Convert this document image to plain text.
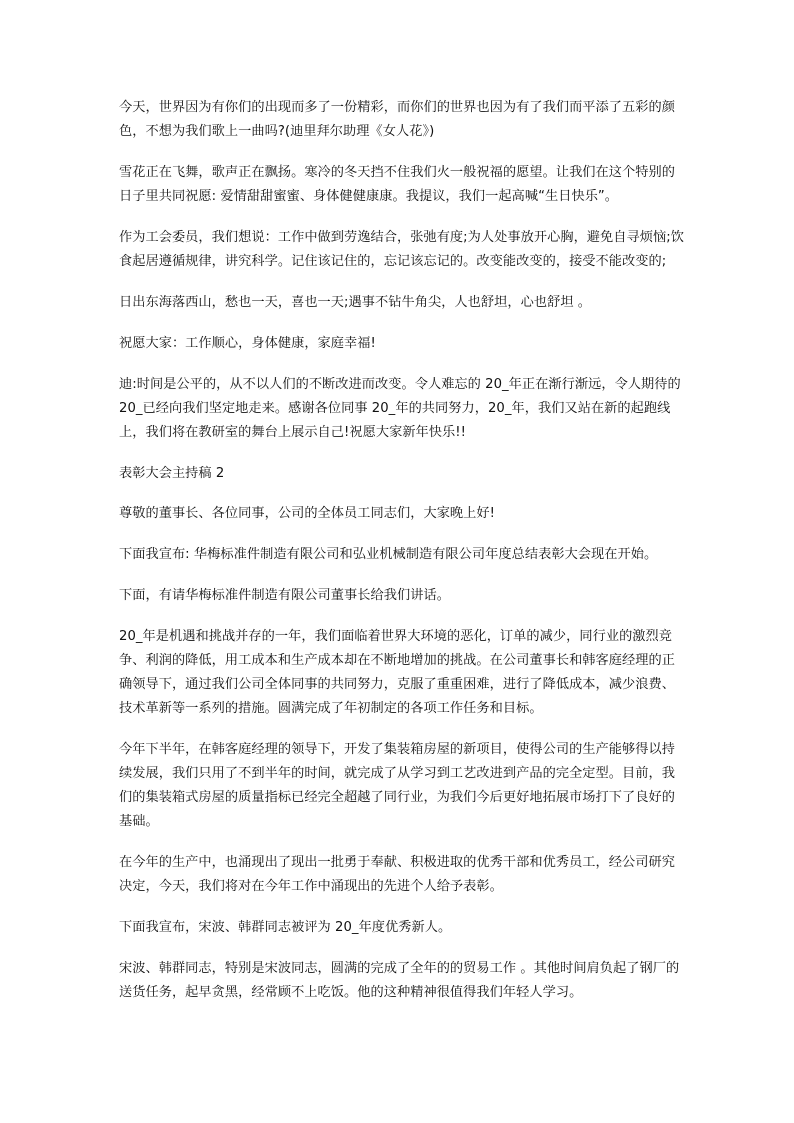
今天，世界因为有你们的出现而多了一份精彩，而你们的世界也因为有了我们而平添了五彩的颜色，不想为我们歌上一曲吗?(迪里拜尔助理《女人花》)

雪花正在飞舞，歌声正在飘扬。寒冷的冬天挡不住我们火一般祝福的愿望。让我们在这个特别的日子里共同祝愿: 爱情甜甜蜜蜜、身体健健康康。我提议，我们一起高喊“生日快乐”。

作为工会委员，我们想说：工作中做到劳逸结合，张弛有度;为人处事放开心胸，避免自寻烦恼;饮食起居遵循规律，讲究科学。记住该记住的，忘记该忘记的。改变能改变的，接受不能改变的;

日出东海落西山，愁也一天，喜也一天;遇事不钻牛角尖，人也舒坦，心也舒坦 。

祝愿大家：工作顺心，身体健康，家庭幸福!

迪:时间是公平的，从不以人们的不断改进而改变。令人难忘的 20_年正在渐行渐远，令人期待的 20_已经向我们坚定地走来。感谢各位同事 20_年的共同努力，20_年，我们又站在新的起跑线上，我们将在教研室的舞台上展示自己!祝愿大家新年快乐!!

表彰大会主持稿 2

尊敬的董事长、各位同事，公司的全体员工同志们，大家晚上好!

下面我宣布: 华梅标准件制造有限公司和弘业机械制造有限公司年度总结表彰大会现在开始。

下面，有请华梅标准件制造有限公司董事长给我们讲话。

20_年是机遇和挑战并存的一年，我们面临着世界大环境的恶化，订单的减少，同行业的激烈竞争、利润的降低，用工成本和生产成本却在不断地增加的挑战。在公司董事长和韩客庭经理的正确领导下，通过我们公司全体同事的共同努力，克服了重重困难，进行了降低成本，减少浪费、技术革新等一系列的措施。圆满完成了年初制定的各项工作任务和目标。

今年下半年，在韩客庭经理的领导下，开发了集装箱房屋的新项目，使得公司的生产能够得以持续发展，我们只用了不到半年的时间，就完成了从学习到工艺改进到产品的完全定型。目前，我们的集装箱式房屋的质量指标已经完全超越了同行业，为我们今后更好地拓展市场打下了良好的基础。

在今年的生产中，也涌现出了现出一批勇于奉献、积极进取的优秀干部和优秀员工，经公司研究决定，今天，我们将对在今年工作中涌现出的先进个人给予表彰。

下面我宣布，宋波、韩群同志被评为 20_年度优秀新人。

宋波、韩群同志，特别是宋波同志，圆满的完成了全年的的贸易工作 。其他时间肩负起了钢厂的送货任务，起早贪黑，经常顾不上吃饭。他的这种精神很值得我们年轻人学习。
